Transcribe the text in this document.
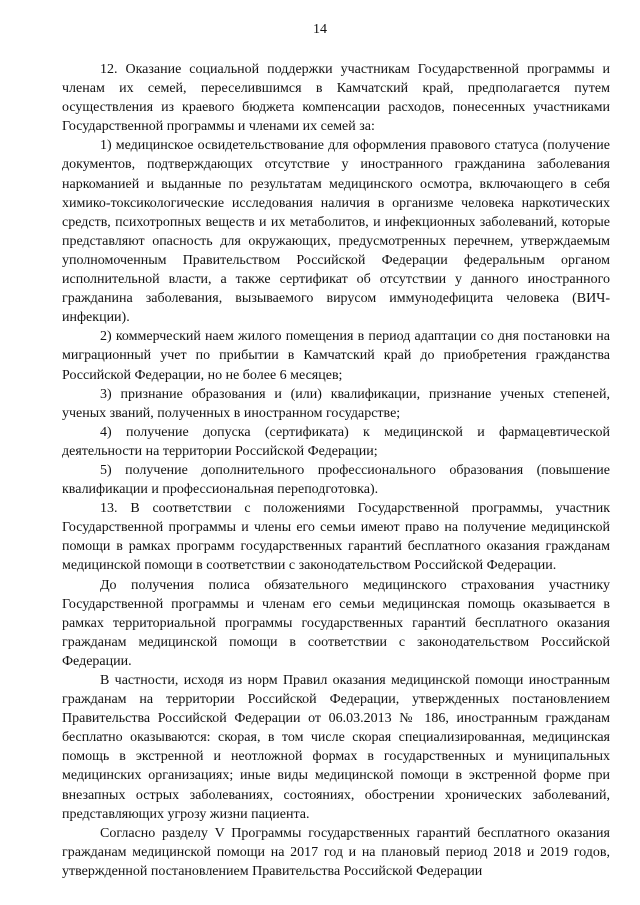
14

12. Оказание социальной поддержки участникам Государственной программы и членам их семей, переселившимся в Камчатский край, предполагается путем осуществления из краевого бюджета компенсации расходов, понесенных участниками Государственной программы и членами их семей за:

1) медицинское освидетельствование для оформления правового статуса (получение документов, подтверждающих отсутствие у иностранного гражданина заболевания наркоманией и выданные по результатам медицинского осмотра, включающего в себя химико-токсикологические исследования наличия в организме человека наркотических средств, психотропных веществ и их метаболитов, и инфекционных заболеваний, которые представляют опасность для окружающих, предусмотренных перечнем, утверждаемым уполномоченным Правительством Российской Федерации федеральным органом исполнительной власти, а также сертификат об отсутствии у данного иностранного гражданина заболевания, вызываемого вирусом иммунодефицита человека (ВИЧ-инфекции).

2) коммерческий наем жилого помещения в период адаптации со дня постановки на миграционный учет по прибытии в Камчатский край до приобретения гражданства Российской Федерации, но не более 6 месяцев;

3) признание образования и (или) квалификации, признание ученых степеней, ученых званий, полученных в иностранном государстве;

4) получение допуска (сертификата) к медицинской и фармацевтической деятельности на территории Российской Федерации;

5) получение дополнительного профессионального образования (повышение квалификации и профессиональная переподготовка).

13. В соответствии с положениями Государственной программы, участник Государственной программы и члены его семьи имеют право на получение медицинской помощи в рамках программ государственных гарантий бесплатного оказания гражданам медицинской помощи в соответствии с законодательством Российской Федерации.

До получения полиса обязательного медицинского страхования участнику Государственной программы и членам его семьи медицинская помощь оказывается в рамках территориальной программы государственных гарантий бесплатного оказания гражданам медицинской помощи в соответствии с законодательством Российской Федерации.

В частности, исходя из норм Правил оказания медицинской помощи иностранным гражданам на территории Российской Федерации, утвержденных постановлением Правительства Российской Федерации от 06.03.2013 № 186, иностранным гражданам бесплатно оказываются: скорая, в том числе скорая специализированная, медицинская помощь в экстренной и неотложной формах в государственных и муниципальных медицинских организациях; иные виды медицинской помощи в экстренной форме при внезапных острых заболеваниях, состояниях, обострении хронических заболеваний, представляющих угрозу жизни пациента.

Согласно разделу V Программы государственных гарантий бесплатного оказания гражданам медицинской помощи на 2017 год и на плановый период 2018 и 2019 годов, утвержденной постановлением Правительства Российской Федерации
